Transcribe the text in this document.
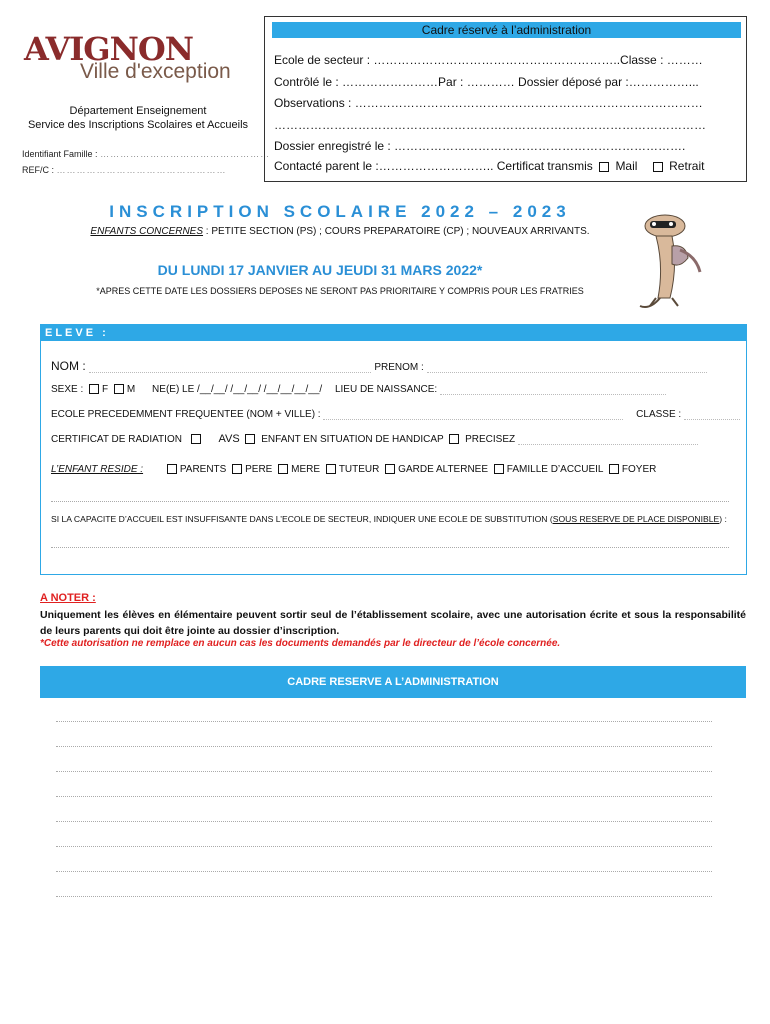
AVIGNON
Ville d'exception
Département Enseignement
Service des Inscriptions Scolaires et Accueils
Identifiant Famille : ……………………………………………
REF/C : ……………………………………………
Cadre réservé à l’administration
Ecole de secteur : ……………………………………………………..Classe : ………
Contrôlé le : ……………………Par : ………… Dossier déposé par :……………...
Observations : ……………………………………………………………………………
………………………………………………………………………………………………
Dossier enregistré le : ……………………………………………………………….
Contacté parent le :……………………….. Certificat transmis Mail	Retrait
INSCRIPTION SCOLAIRE 2022 – 2023
ENFANTS CONCERNES : PETITE SECTION (PS) ; COURS PREPARATOIRE (CP) ; NOUVEAUX ARRIVANTS.
DU LUNDI 17 JANVIER AU JEUDI 31 MARS 2022*
*APRES CETTE DATE LES DOSSIERS DEPOSES NE SERONT PAS PRIORITAIRE Y COMPRIS POUR LES FRATRIES
ELEVE :
NOM :	PRENOM :
SEXE : F M NE(E) LE /__/__/ /__/__/ /__/__/__/__/ LIEU DE NAISSANCE:
ECOLE PRECEDEMMENT FREQUENTEE (NOM + VILLE) :	CLASSE :
CERTIFICAT DE RADIATION	AVS ENFANT EN SITUATION DE HANDICAP PRECISEZ
L’ENFANT RESIDE :	PARENTS PERE MERE TUTEUR GARDE ALTERNEE FAMILLE D’ACCUEIL FOYER
SI LA CAPACITE D’ACCUEIL EST INSUFFISANTE DANS L’ECOLE DE SECTEUR, INDIQUER UNE ECOLE DE SUBSTITUTION (SOUS RESERVE DE PLACE DISPONIBLE) :
A NOTER :
Uniquement les élèves en élémentaire peuvent sortir seul de l’établissement scolaire, avec une autorisation écrite et sous la responsabilité de leurs parents qui doit être jointe au dossier d’inscription.
*Cette autorisation ne remplace en aucun cas les documents demandés par le directeur de l’école concernée.
CADRE RESERVE A L’ADMINISTRATION
